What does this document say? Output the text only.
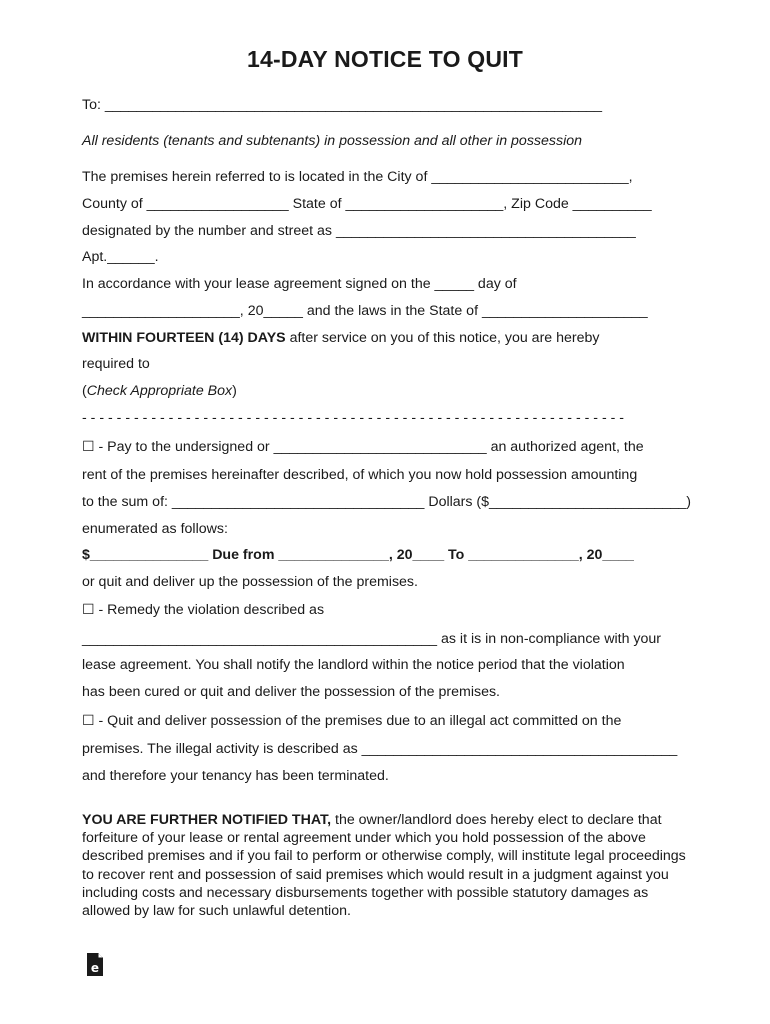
14-DAY NOTICE TO QUIT
To: _______________________________________________________________
All residents (tenants and subtenants) in possession and all other in possession
The premises herein referred to is located in the City of _________________________,
County of __________________ State of ____________________, Zip Code __________
designated by the number and street as ______________________________________
Apt.______.
In accordance with your lease agreement signed on the _____ day of
____________________, 20_____ and the laws in the State of _____________________
WITHIN FOURTEEN (14) DAYS after service on you of this notice, you are hereby
required to
(Check Appropriate Box)
- - - - - - - - - - - - - - - - - - - - - - - - - - - - - - - - - - - - - - - - - - - - - - - - - - - - - - - - - - - - - - -
☐ - Pay to the undersigned or ___________________________ an authorized agent, the
rent of the premises hereinafter described, of which you now hold possession amounting
to the sum of: ________________________________ Dollars ($_________________________)
enumerated as follows:
$_______________ Due from ______________, 20____ To ______________, 20____
or quit and deliver up the possession of the premises.
☐ - Remedy the violation described as
_____________________________________________ as it is in non-compliance with your
lease agreement. You shall notify the landlord within the notice period that the violation
has been cured or quit and deliver the possession of the premises.
☐ - Quit and deliver possession of the premises due to an illegal act committed on the
premises. The illegal activity is described as ________________________________________
and therefore your tenancy has been terminated.
YOU ARE FURTHER NOTIFIED THAT, the owner/landlord does hereby elect to declare that forfeiture of your lease or rental agreement under which you hold possession of the above described premises and if you fail to perform or otherwise comply, will institute legal proceedings to recover rent and possession of said premises which would result in a judgment against you including costs and necessary disbursements together with possible statutory damages as allowed by law for such unlawful detention.
e
